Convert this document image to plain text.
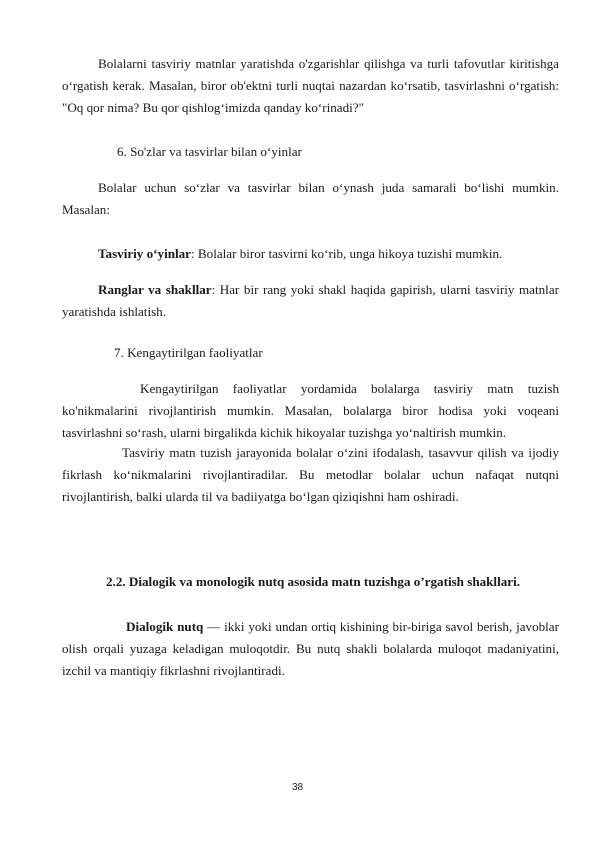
Bolalarni tasviriy matnlar yaratishda o'zgarishlar qilishga va turli tafovutlar kiritishga o‘rgatish kerak. Masalan, biror ob'ektni turli nuqtai nazardan ko‘rsatib, tasvirlashni o‘rgatish: "Oq qor nima? Bu qor qishlog‘imizda qanday ko‘rinadi?"

6. So'zlar va tasvirlar bilan o‘yinlar

Bolalar uchun so‘zlar va tasvirlar bilan o‘ynash juda samarali bo‘lishi mumkin. Masalan:

Tasviriy o‘yinlar: Bolalar biror tasvirni ko‘rib, unga hikoya tuzishi mumkin.

Ranglar va shakllar: Har bir rang yoki shakl haqida gapirish, ularni tasviriy matnlar yaratishda ishlatish.

7. Kengaytirilgan faoliyatlar

Kengaytirilgan faoliyatlar yordamida bolalarga tasviriy matn tuzish ko'nikmalarini rivojlantirish mumkin. Masalan, bolalarga biror hodisa yoki voqeani tasvirlashni so‘rash, ularni birgalikda kichik hikoyalar tuzishga yo‘naltirish mumkin.

Tasviriy matn tuzish jarayonida bolalar o‘zini ifodalash, tasavvur qilish va ijodiy fikrlash ko‘nikmalarini rivojlantiradilar. Bu metodlar bolalar uchun nafaqat nutqni rivojlantirish, balki ularda til va badiiyatga bo‘lgan qiziqishni ham oshiradi.

2.2. Dialogik va monologik nutq asosida matn tuzishga o’rgatish shakllari.

Dialogik nutq — ikki yoki undan ortiq kishining bir-biriga savol berish, javoblar olish orqali yuzaga keladigan muloqotdir. Bu nutq shakli bolalarda muloqot madaniyatini, izchil va mantiqiy fikrlashni rivojlantiradi.

38
